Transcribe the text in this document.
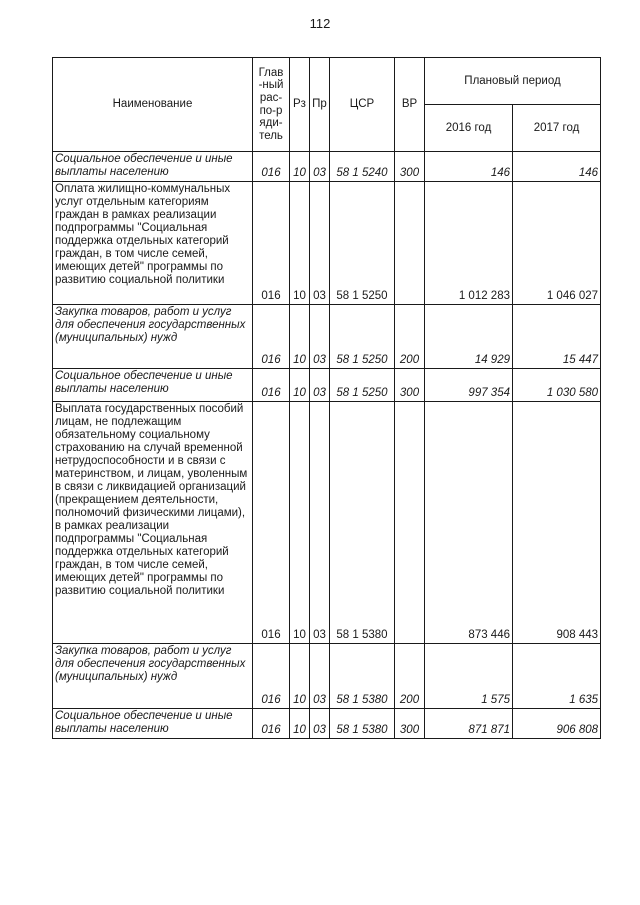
112
Наименование	Глав-ный рас-по-ряди-тель	Рз	Пр	ЦСР	ВР	Плановый период	
						2016 год	2017 год
Социальное обеспечение и иные выплаты населению	016	10	03	58 1 5240	300	146	146
Оплата жилищно-коммунальных услуг отдельным категориям граждан в рамках реализации подпрограммы "Социальная поддержка отдельных категорий граждан, в том числе семей, имеющих детей" программы по развитию социальной политики	016	10	03	58 1 5250		1 012 283	1 046 027
Закупка товаров, работ и услуг для обеспечения государственных (муниципальных) нужд	016	10	03	58 1 5250	200	14 929	15 447
Социальное обеспечение и иные выплаты населению	016	10	03	58 1 5250	300	997 354	1 030 580
Выплата государственных пособий лицам, не подлежащим обязательному социальному страхованию на случай временной нетрудоспособности и в связи с материнством, и лицам, уволенным в связи с ликвидацией организаций (прекращением деятельности, полномочий физическими лицами), в рамках реализации подпрограммы "Социальная поддержка отдельных категорий граждан, в том числе семей, имеющих детей" программы по развитию социальной политики	016	10	03	58 1 5380		873 446	908 443
Закупка товаров, работ и услуг для обеспечения государственных (муниципальных) нужд	016	10	03	58 1 5380	200	1 575	1 635
Социальное обеспечение и иные выплаты населению	016	10	03	58 1 5380	300	871 871	906 808
